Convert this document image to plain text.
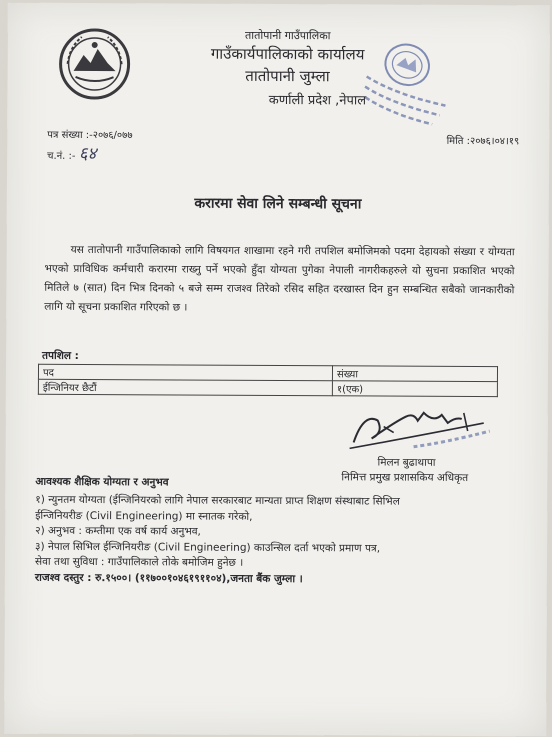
तातोपानी गाउँपालिका
गाउँकार्यपालिकाको कार्यालय
तातोपानी जुम्ला
कर्णाली प्रदेश ,नेपाल
पत्र संख्या :-२०७६/०७७
च.नं. :- ६४
मिति :२०७६।०४।१९
करारमा सेवा लिने सम्बन्धी सूचना
यस तातोपानी गाउँपालिकाको लागि विषयगत शाखामा रहने गरी तपशिल बमोजिमको पदमा देहायको संख्या र योग्यता भएको प्राविधिक कर्मचारी करारमा राख्नु पर्ने भएको हुँदा योग्यता पुगेका नेपाली नागरीकहरुले यो सुचना प्रकाशित भएको मितिले ७ (सात) दिन भित्र दिनको ५ बजे सम्म राजश्व तिरेको रसिद सहित दरखास्त दिन हुन सम्बन्धित सबैको जानकारीको लागि यो सूचना प्रकाशित गरिएको छ ।
तपशिल :
पद	संख्या
ईन्जिनियर छैटौं	१(एक)
मिलन बुढाथापा
निमित्त प्रमुख प्रशासकिय अधिकृत
आवश्यक शैक्षिक योग्यता र अनुभव
१) न्युनतम योग्यता (ईन्जिनियरको लागि नेपाल सरकारबाट मान्यता प्राप्त शिक्षण संस्थाबाट सिभिल
ईन्जिनियरीङ (Civil Engineering) मा स्नातक गरेको,
२) अनुभव : कम्तीमा एक वर्ष कार्य अनुभव,
३) नेपाल सिभिल ईन्जिनियरीङ (Civil Engineering) काउन्सिल दर्ता भएको प्रमाण पत्र,
सेवा तथा सुविधा : गाउँपालिकाले तोके बमोजिम हुनेछ ।
राजश्व दस्तुर : रु.१५००। (११७००१०४६१९११०४),जनता बैंक जुम्ला ।
